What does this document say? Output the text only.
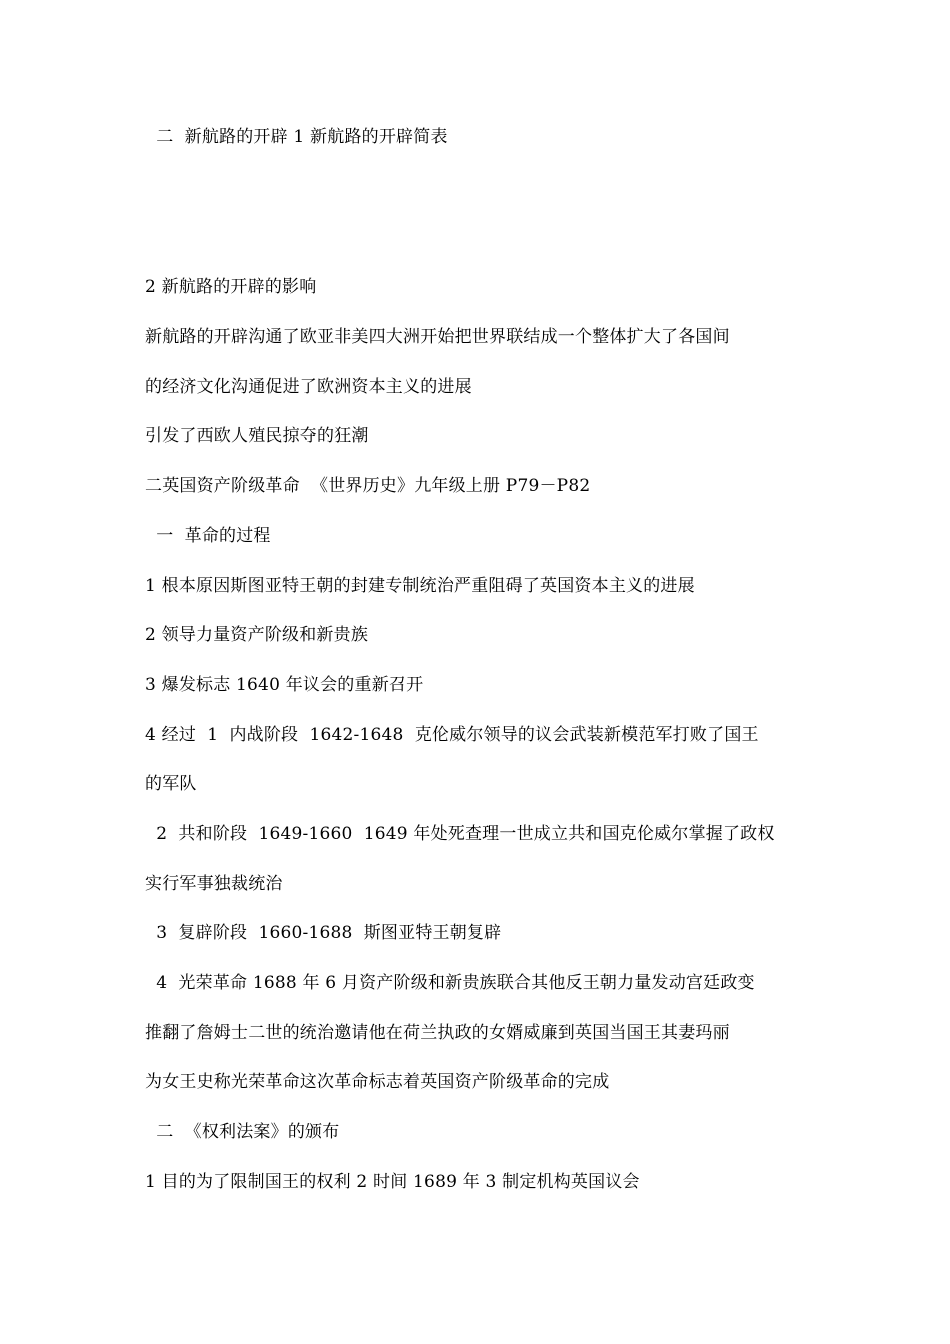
二  新航路的开辟 1 新航路的开辟简表
2 新航路的开辟的影响
新航路的开辟沟通了欧亚非美四大洲开始把世界联结成一个整体扩大了各国间
的经济文化沟通促进了欧洲资本主义的进展
引发了西欧人殖民掠夺的狂潮
二英国资产阶级革命  《世界历史》九年级上册 P79－P82
一  革命的过程
1 根本原因斯图亚特王朝的封建专制统治严重阻碍了英国资本主义的进展
2 领导力量资产阶级和新贵族
3 爆发标志 1640 年议会的重新召开
4 经过  1  内战阶段  1642-1648  克伦威尔领导的议会武装新模范军打败了国王
的军队
2  共和阶段  1649-1660  1649 年处死查理一世成立共和国克伦威尔掌握了政权
实行军事独裁统治
3  复辟阶段  1660-1688  斯图亚特王朝复辟
4  光荣革命 1688 年 6 月资产阶级和新贵族联合其他反王朝力量发动宫廷政变
推翻了詹姆士二世的统治邀请他在荷兰执政的女婿威廉到英国当国王其妻玛丽
为女王史称光荣革命这次革命标志着英国资产阶级革命的完成
二  《权利法案》的颁布
1 目的为了限制国王的权利 2 时间 1689 年 3 制定机构英国议会
